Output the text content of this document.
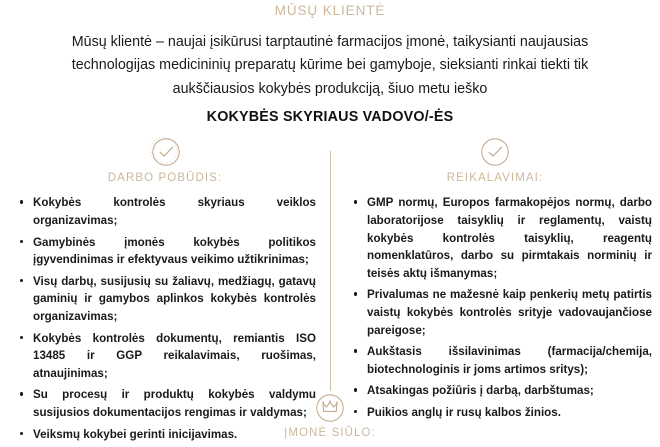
MŪSŲ KLIENTĖ
Mūsų klientė – naujai įsikūrusi tarptautinė farmacijos įmonė, taikysianti naujausias technologijas medicininių preparatų kūrime bei gamyboje, sieksianti rinkai tiekti tik aukščiausios kokybės produkciją, šiuo metu ieško
KOKYBĖS SKYRIAUS VADOVO/-ĖS
DARBO POBŪDIS:
Kokybės kontrolės skyriaus veiklos organizavimas;
Gamybinės įmonės kokybės politikos įgyvendinimas ir efektyvaus veikimo užtikrinimas;
Visų darbų, susijusių su žaliavų, medžiagų, gatavų gaminių ir gamybos aplinkos kokybės kontrolės organizavimas;
Kokybės kontrolės dokumentų, remiantis ISO 13485 ir GGP reikalavimais, ruošimas, atnaujinimas;
Su procesų ir produktų kokybės valdymu susijusios dokumentacijos rengimas ir valdymas;
Veiksmų kokybei gerinti inicijavimas.
REIKALAVIMAI:
GMP normų, Europos farmakopėjos normų, darbo laboratorijose taisyklių ir reglamentų, vaistų kokybės kontrolės taisyklių, reagentų nomenklatūros, darbo su pirmtakais norminių ir teisės aktų išmanymas;
Privalumas ne mažesnė kaip penkerių metų patirtis vaistų kokybės kontrolės srityje vadovaujančiose pareigose;
Aukštasis išsilavinimas (farmacija/chemija, biotechnologinis ir joms artimos sritys);
Atsakingas požiūris į darbą, darbštumas;
Puikios anglų ir rusų kalbos žinios.
ĮMONĖ SIŪLO:
